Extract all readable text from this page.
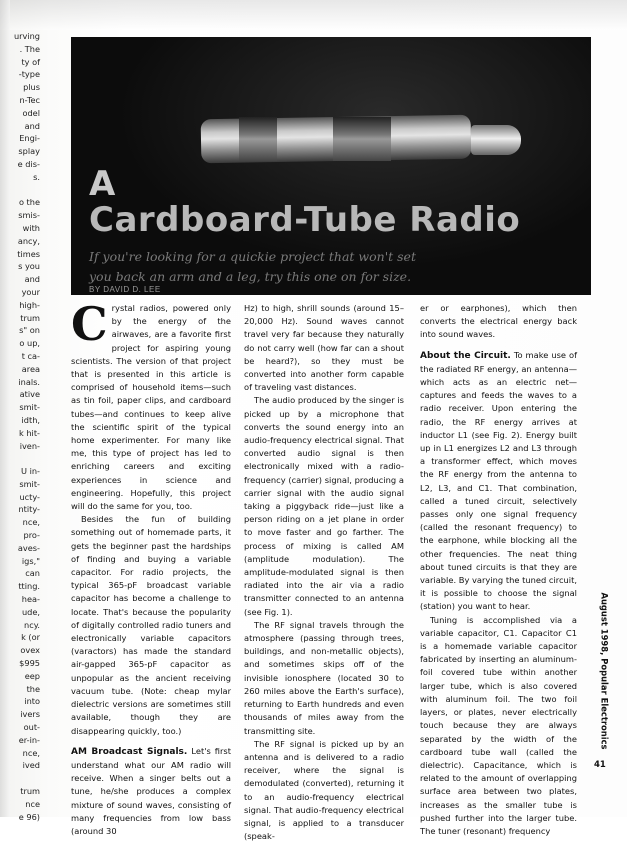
urving
. The
ty of
-type
plus
n-Tec
odel
and
Engi-
splay
e dis-
s.
o the
smis-
with
ancy,
times
s you
and
your
high-
trum
s" on
o up,
t ca-
area
inals.
ative
smit-
idth,
k hit-
iven-
U in-
smit-
ucty-
ntity-
nce,
pro-
aves-
igs,"
can
tting.
hea-
ude,
ncy.
k (or
ovex
$995
eep
the
into
ivers
out-
er-in-
nce,
ived
trum
nce
e 96)
A
Cardboard-Tube Radio
If you're looking for a quickie project that won't set you back an arm and a leg, try this one on for size.
BY DAVID D. LEE

Crystal radios, powered only by the energy of the airwaves, are a favorite first project for aspiring young scientists. The version of that project that is presented in this article is comprised of household items—such as tin foil, paper clips, and cardboard tubes—and continues to keep alive the scientific spirit of the typical home experimenter. For many like me, this type of project has led to enriching careers and exciting experiences in science and engineering. Hopefully, this project will do the same for you, too.

Besides the fun of building something out of homemade parts, it gets the beginner past the hardships of finding and buying a variable capacitor. For radio projects, the typical 365-pF broadcast variable capacitor has become a challenge to locate. That's because the popularity of digitally controlled radio tuners and electronically variable capacitors (varactors) has made the standard air-gapped 365-pF capacitor as unpopular as the ancient receiving vacuum tube. (Note: cheap mylar dielectric versions are sometimes still available, though they are disappearing quickly, too.)

AM Broadcast Signals. Let's first understand what our AM radio will receive. When a singer belts out a tune, he/she produces a complex mixture of sound waves, consisting of many frequencies from low bass (around 30

Hz) to high, shrill sounds (around 15–20,000 Hz). Sound waves cannot travel very far because they naturally do not carry well (how far can a shout be heard?), so they must be converted into another form capable of traveling vast distances.

The audio produced by the singer is picked up by a microphone that converts the sound energy into an audio-frequency electrical signal. That converted audio signal is then electronically mixed with a radio-frequency (carrier) signal, producing a carrier signal with the audio signal taking a piggyback ride—just like a person riding on a jet plane in order to move faster and go farther. The process of mixing is called AM (amplitude modulation). The amplitude-modulated signal is then radiated into the air via a radio transmitter connected to an antenna (see Fig. 1).

The RF signal travels through the atmosphere (passing through trees, buildings, and non-metallic objects), and sometimes skips off of the invisible ionosphere (located 30 to 260 miles above the Earth's surface), returning to Earth hundreds and even thousands of miles away from the transmitting site.

The RF signal is picked up by an antenna and is delivered to a radio receiver, where the signal is demodulated (converted), returning it to an audio-frequency electrical signal. That audio-frequency electrical signal, is applied to a transducer (speak-

er or earphones), which then converts the electrical energy back into sound waves.

About the Circuit. To make use of the radiated RF energy, an antenna—which acts as an electric net—captures and feeds the waves to a radio receiver. Upon entering the radio, the RF energy arrives at inductor L1 (see Fig. 2). Energy built up in L1 energizes L2 and L3 through a transformer effect, which moves the RF energy from the antenna to L2, L3, and C1. That combination, called a tuned circuit, selectively passes only one signal frequency (called the resonant frequency) to the earphone, while blocking all the other frequencies. The neat thing about tuned circuits is that they are variable. By varying the tuned circuit, it is possible to choose the signal (station) you want to hear.

Tuning is accomplished via a variable capacitor, C1. Capacitor C1 is a homemade variable capacitor fabricated by inserting an aluminum-foil covered tube within another larger tube, which is also covered with aluminum foil. The two foil layers, or plates, never electrically touch because they are always separated by the width of the cardboard tube wall (called the dielectric). Capacitance, which is related to the amount of overlapping surface area between two plates, increases as the smaller tube is pushed further into the larger tube. The tuner (resonant) frequency

August 1998, Popular Electronics
41
